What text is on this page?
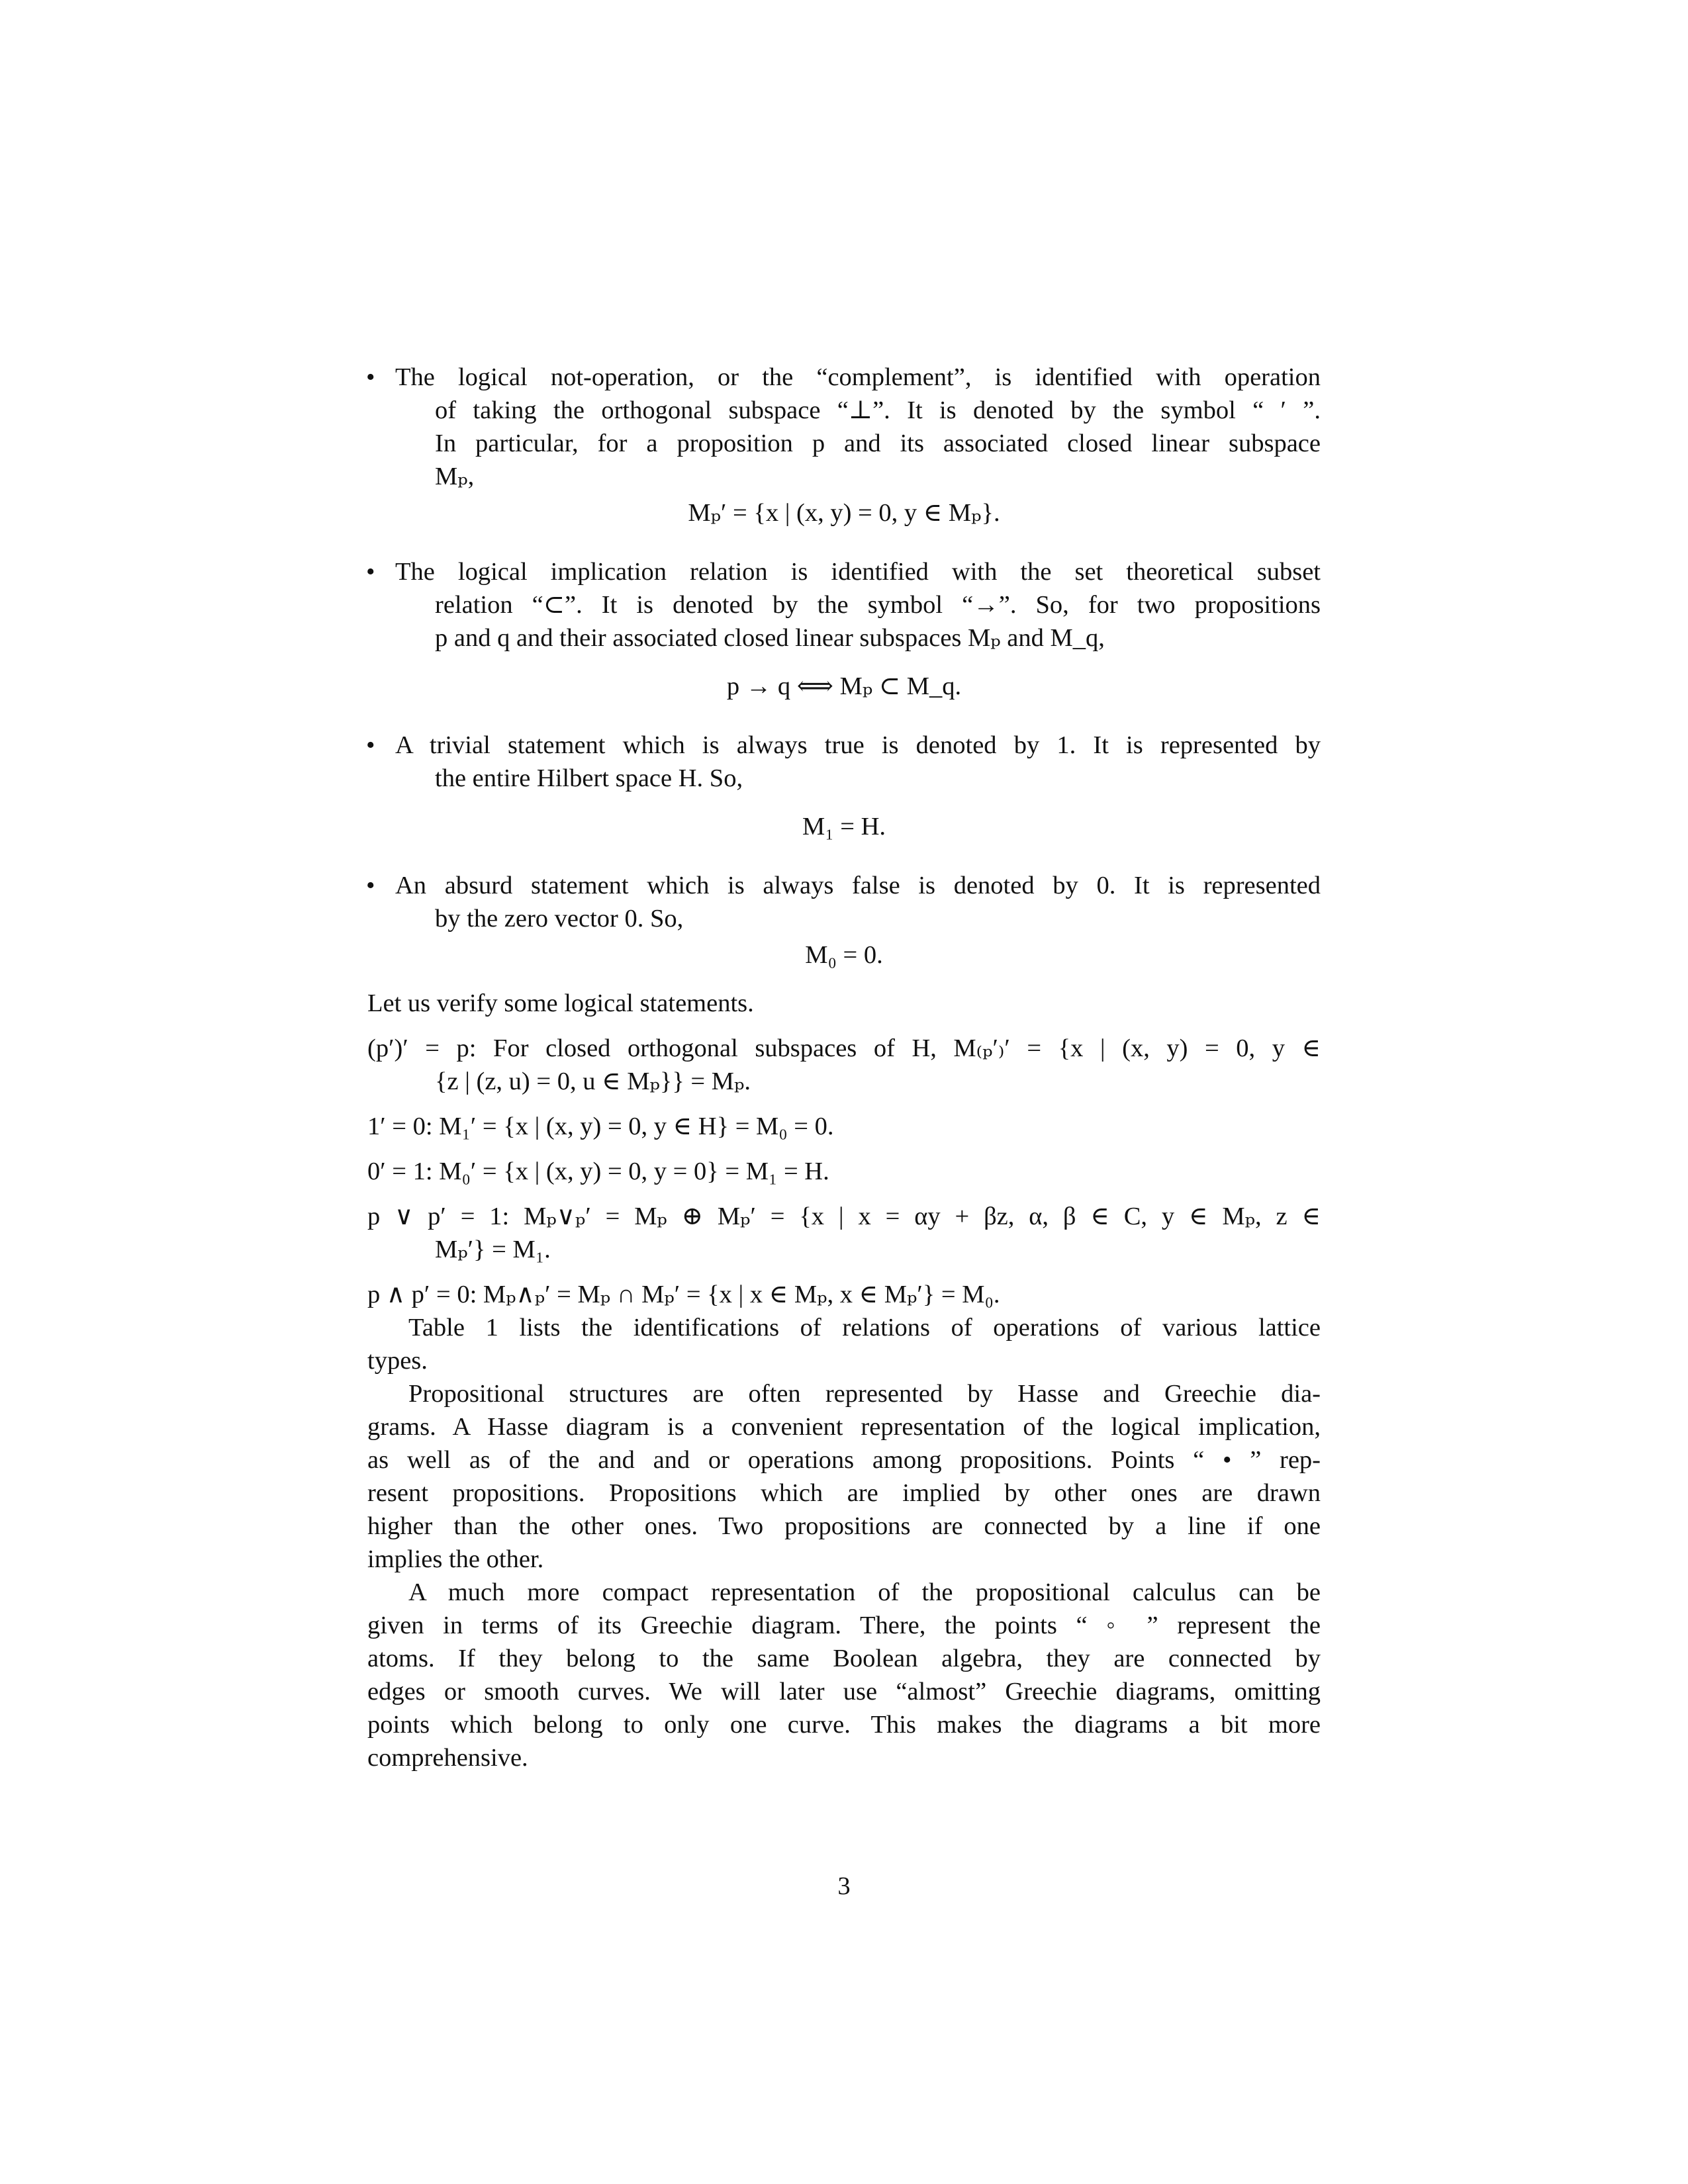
• The logical not-operation, or the “complement”, is identified with operation
of taking the orthogonal subspace “⊥”. It is denoted by the symbol “ ′ ”.
In particular, for a proposition p and its associated closed linear subspace
Mₚ,
Mₚ′ = {x | (x, y) = 0, y ∈ Mₚ}.
• The logical implication relation is identified with the set theoretical subset
relation “⊂”. It is denoted by the symbol “→”. So, for two propositions
p and q and their associated closed linear subspaces Mₚ and M_q,
p → q ⟺ Mₚ ⊂ M_q.
• A trivial statement which is always true is denoted by 1. It is represented by
the entire Hilbert space H. So,
M₁ = H.
• An absurd statement which is always false is denoted by 0. It is represented
by the zero vector 0. So,
M₀ = 0.
Let us verify some logical statements.
(p′)′ = p: For closed orthogonal subspaces of H, M₍ₚ′₎′ = {x | (x, y) = 0, y ∈
{z | (z, u) = 0, u ∈ Mₚ}} = Mₚ.
1′ = 0: M₁′ = {x | (x, y) = 0, y ∈ H} = M₀ = 0.
0′ = 1: M₀′ = {x | (x, y) = 0, y = 0} = M₁ = H.
p ∨ p′ = 1: Mₚ∨ₚ′ = Mₚ ⊕ Mₚ′ = {x | x = αy + βz, α, β ∈ C, y ∈ Mₚ, z ∈
Mₚ′} = M₁.
p ∧ p′ = 0: Mₚ∧ₚ′ = Mₚ ∩ Mₚ′ = {x | x ∈ Mₚ, x ∈ Mₚ′} = M₀.
Table 1 lists the identifications of relations of operations of various lattice
types.
Propositional structures are often represented by Hasse and Greechie dia-
grams. A Hasse diagram is a convenient representation of the logical implication,
as well as of the and and or operations among propositions. Points “ • ” rep-
resent propositions. Propositions which are implied by other ones are drawn
higher than the other ones. Two propositions are connected by a line if one
implies the other.
A much more compact representation of the propositional calculus can be
given in terms of its Greechie diagram. There, the points “ ◦ ” represent the
atoms. If they belong to the same Boolean algebra, they are connected by
edges or smooth curves. We will later use “almost” Greechie diagrams, omitting
points which belong to only one curve. This makes the diagrams a bit more
comprehensive.
3
